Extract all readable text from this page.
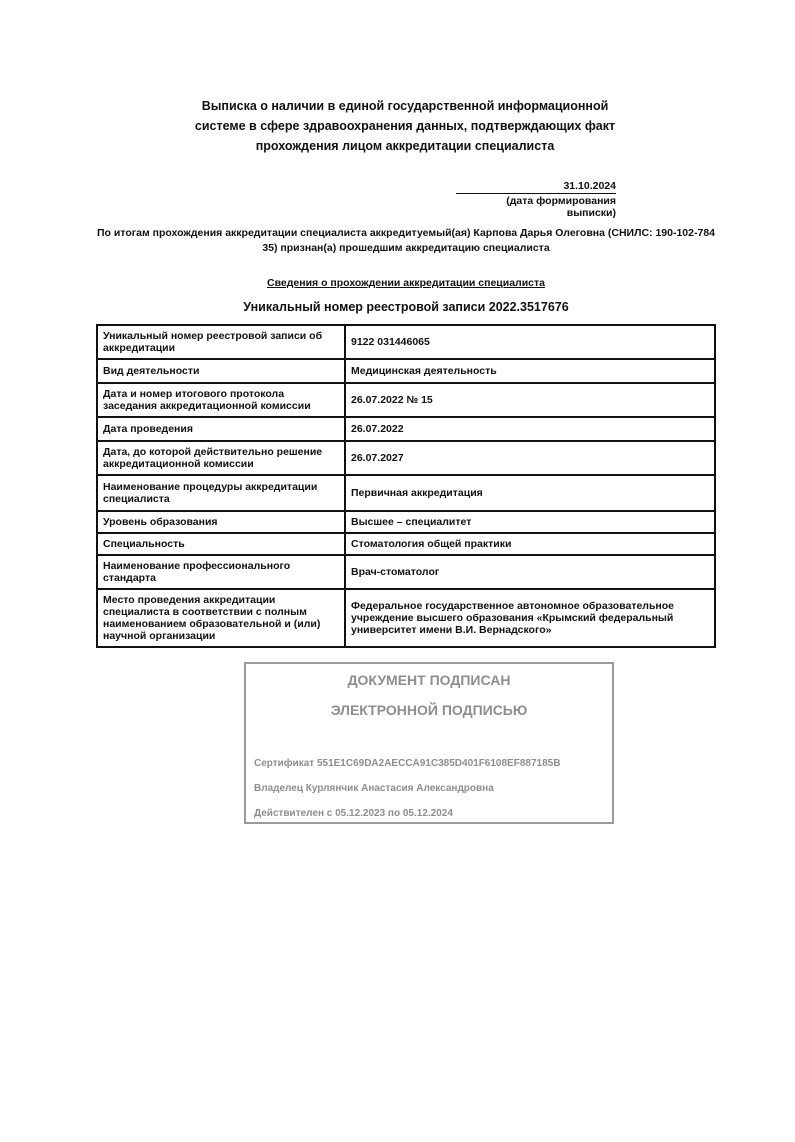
Выписка о наличии в единой государственной информационной
системе в сфере здравоохранения данных, подтверждающих факт
прохождения лицом аккредитации специалиста
31.10.2024
(дата формирования выписки)
По итогам прохождения аккредитации специалиста аккредитуемый(ая) Карпова Дарья Олеговна (СНИЛС: 190-102-784
35) признан(а) прошедшим аккредитацию специалиста
Сведения о прохождении аккредитации специалиста
Уникальный номер реестровой записи 2022.3517676
Уникальный номер реестровой записи об аккредитации	9122 031446065
Вид деятельности	Медицинская деятельность
Дата и номер итогового протокола заседания аккредитационной комиссии	26.07.2022 № 15
Дата проведения	26.07.2022
Дата, до которой действительно решение аккредитационной комиссии	26.07.2027
Наименование процедуры аккредитации специалиста	Первичная аккредитация
Уровень образования	Высшее – специалитет
Специальность	Стоматология общей практики
Наименование профессионального стандарта	Врач-стоматолог
Место проведения аккредитации специалиста в соответствии с полным наименованием образовательной и (или) научной организации	Федеральное государственное автономное образовательное учреждение высшего образования «Крымский федеральный университет имени В.И. Вернадского»
ДОКУМЕНТ ПОДПИСАН
ЭЛЕКТРОННОЙ ПОДПИСЬЮ
Сертификат 551E1C69DA2AECCA91C385D401F6108EF887185B
Владелец Курлянчик Анастасия Александровна
Действителен с 05.12.2023 по 05.12.2024
